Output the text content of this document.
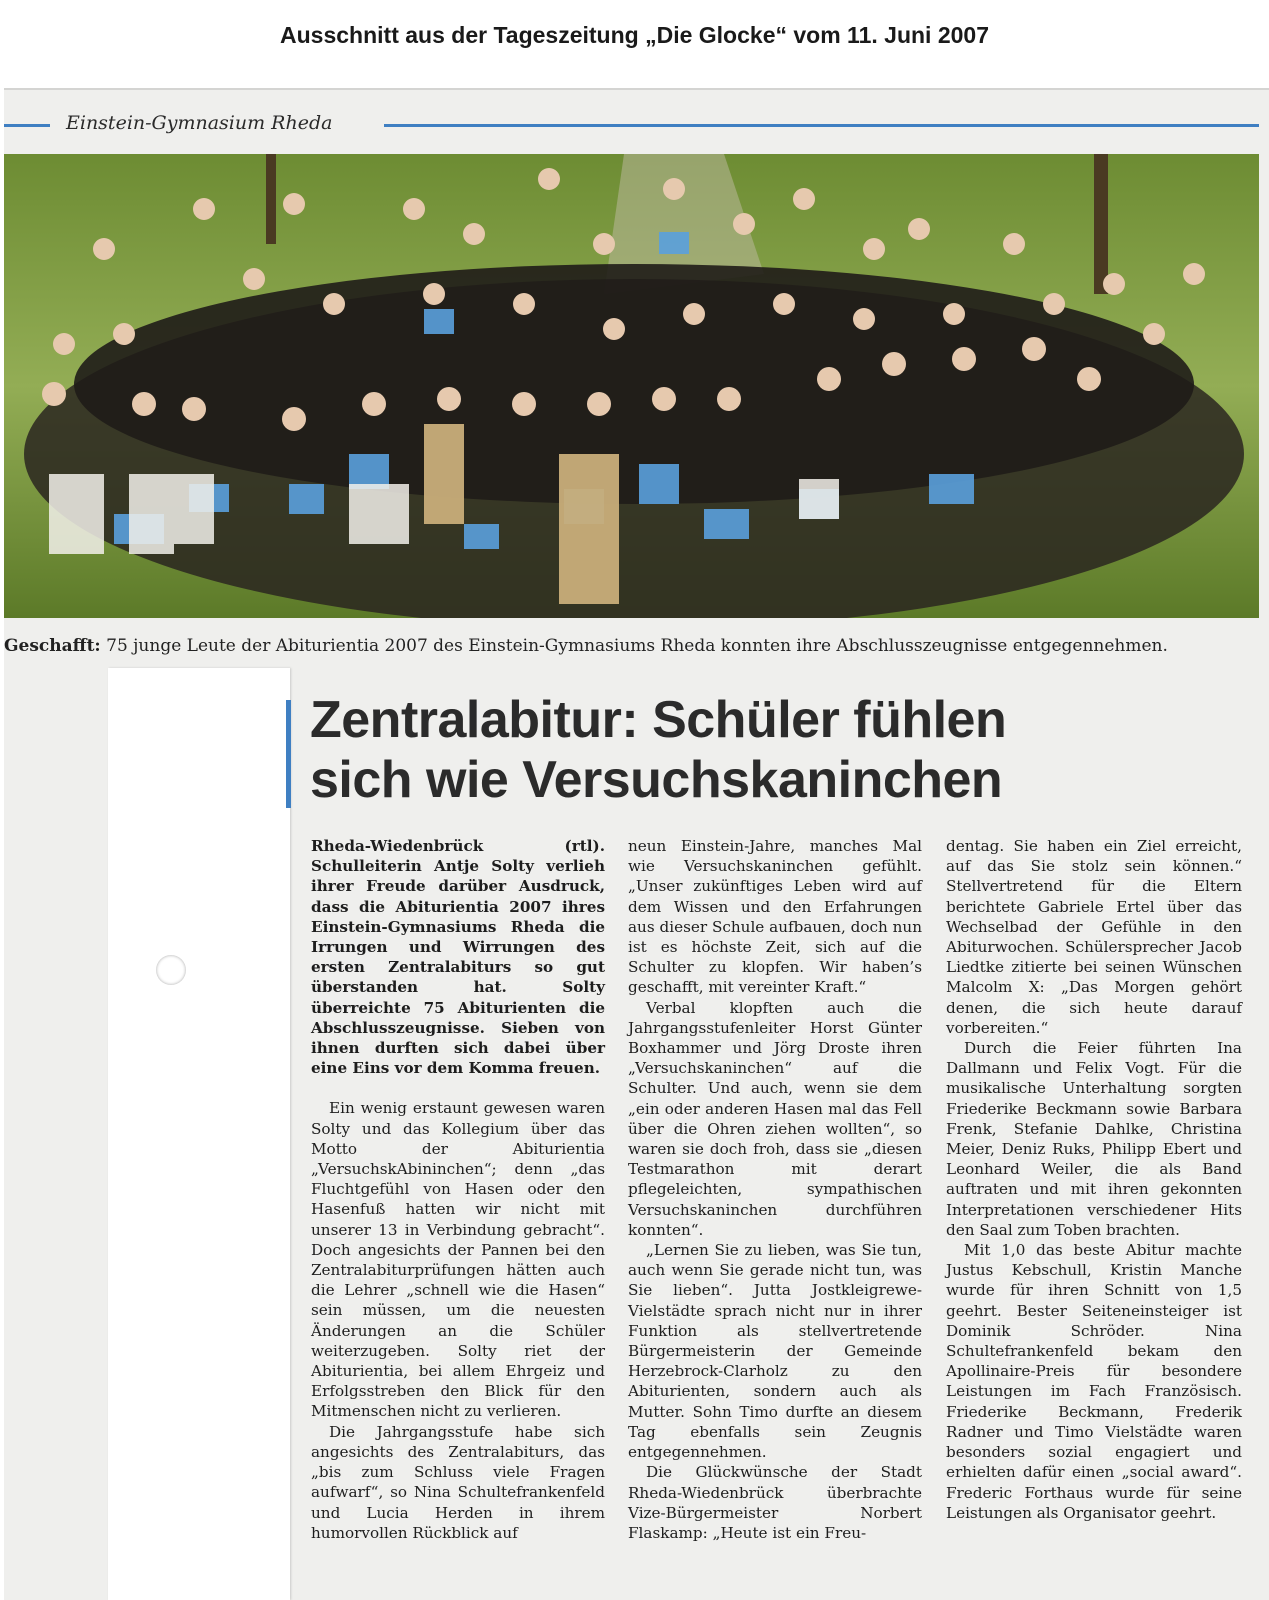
Ausschnitt aus der Tageszeitung „Die Glocke“ vom 11. Juni 2007
Einstein-Gymnasium Rheda
Geschafft: 75 junge Leute der Abiturientia 2007 des Einstein-Gymnasiums Rheda konnten ihre Abschlusszeugnisse entgegennehmen.
Zentralabitur: Schüler fühlen
sich wie Versuchskaninchen

Rheda-Wiedenbrück (rtl). Schulleiterin Antje Solty verlieh ihrer Freude darüber Ausdruck, dass die Abiturientia 2007 ihres Einstein-Gymnasiums Rheda die Irrungen und Wirrungen des ersten Zentralabiturs so gut überstanden hat. Solty überreichte 75 Abiturienten die Abschlusszeugnisse. Sieben von ihnen durften sich dabei über eine Eins vor dem Komma freuen.

Ein wenig erstaunt gewesen waren Solty und das Kollegium über das Motto der Abiturientia „VersuchskAbininchen“; denn „das Fluchtgefühl von Hasen oder den Hasenfuß hatten wir nicht mit unserer 13 in Verbindung gebracht“. Doch angesichts der Pannen bei den Zentralabiturprüfungen hätten auch die Lehrer „schnell wie die Hasen“ sein müssen, um die neuesten Änderungen an die Schüler weiterzugeben. Solty riet der Abiturientia, bei allem Ehrgeiz und Erfolgsstreben den Blick für den Mitmenschen nicht zu verlieren.

Die Jahrgangsstufe habe sich angesichts des Zentralabiturs, das „bis zum Schluss viele Fragen aufwarf“, so Nina Schultefrankenfeld und Lucia Herden in ihrem humorvollen Rückblick auf

neun Einstein-Jahre, manches Mal wie Versuchskaninchen gefühlt. „Unser zukünftiges Leben wird auf dem Wissen und den Erfahrungen aus dieser Schule aufbauen, doch nun ist es höchste Zeit, sich auf die Schulter zu klopfen. Wir haben’s geschafft, mit vereinter Kraft.“

Verbal klopften auch die Jahrgangsstufenleiter Horst Günter Boxhammer und Jörg Droste ihren „Versuchskaninchen“ auf die Schulter. Und auch, wenn sie dem „ein oder anderen Hasen mal das Fell über die Ohren ziehen wollten“, so waren sie doch froh, dass sie „diesen Testmarathon mit derart pflegeleichten, sympathischen Versuchskaninchen durchführen konnten“.

„Lernen Sie zu lieben, was Sie tun, auch wenn Sie gerade nicht tun, was Sie lieben“. Jutta Jostkleigrewe-Vielstädte sprach nicht nur in ihrer Funktion als stellvertretende Bürgermeisterin der Gemeinde Herzebrock-Clarholz zu den Abiturienten, sondern auch als Mutter. Sohn Timo durfte an diesem Tag ebenfalls sein Zeugnis entgegennehmen.

Die Glückwünsche der Stadt Rheda-Wiedenbrück überbrachte Vize-Bürgermeister Norbert Flaskamp: „Heute ist ein Freu-

dentag. Sie haben ein Ziel erreicht, auf das Sie stolz sein können.“ Stellvertretend für die Eltern berichtete Gabriele Ertel über das Wechselbad der Gefühle in den Abiturwochen. Schülersprecher Jacob Liedtke zitierte bei seinen Wünschen Malcolm X: „Das Morgen gehört denen, die sich heute darauf vorbereiten.“

Durch die Feier führten Ina Dallmann und Felix Vogt. Für die musikalische Unterhaltung sorgten Friederike Beckmann sowie Barbara Frenk, Stefanie Dahlke, Christina Meier, Deniz Ruks, Philipp Ebert und Leonhard Weiler, die als Band auftraten und mit ihren gekonnten Interpretationen verschiedener Hits den Saal zum Toben brachten.

Mit 1,0 das beste Abitur machte Justus Kebschull, Kristin Manche wurde für ihren Schnitt von 1,5 geehrt. Bester Seiteneinsteiger ist Dominik Schröder. Nina Schultefrankenfeld bekam den Apollinaire-Preis für besondere Leistungen im Fach Französisch. Friederike Beckmann, Frederik Radner und Timo Vielstädte waren besonders sozial engagiert und erhielten dafür einen „social award“. Frederic Forthaus wurde für seine Leistungen als Organisator geehrt.
